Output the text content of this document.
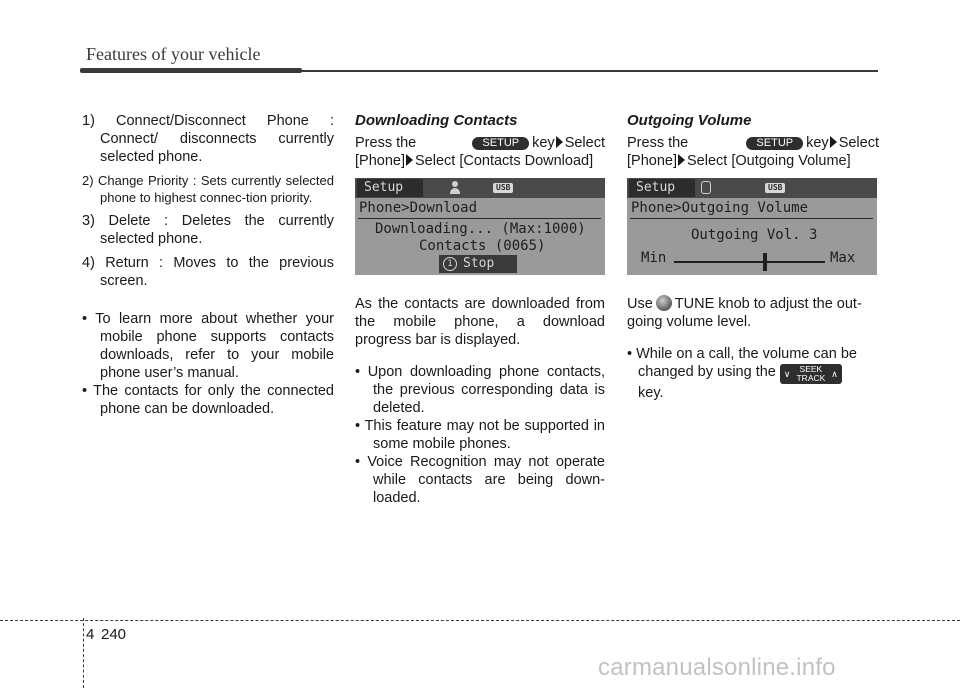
Features of your vehicle
1) Connect/Disconnect Phone : Connect/ disconnects currently selected phone.
2) Change Priority : Sets currently selected phone to highest connec-tion priority.
3) Delete : Deletes the currently selected phone.
4) Return : Moves to the previous screen.
• To learn more about whether your mobile phone supports contacts downloads, refer to your mobile phone user’s manual.
• The contacts for only the connected phone can be downloaded.
Downloading Contacts
Press the	SETUP key Select
[Phone] Select [Contacts Download]
Setup	USB
Phone>Download
Downloading... (Max:1000)
Contacts (0065)
1 Stop
As the contacts are downloaded from the mobile phone, a download progress bar is displayed.
• Upon downloading phone contacts, the previous corresponding data is deleted.
• This feature may not be supported in some mobile phones.
• Voice Recognition may not operate while contacts are being down-loaded.
Outgoing Volume
Press the	SETUP key Select
[Phone] Select [Outgoing Volume]
Setup	USB
Phone>Outgoing Volume
Outgoing Vol. 3
Min	Max
Use TUNE knob to adjust the out-going volume level.
• While on a call, the volume can be
changed by using the ∨ SEEK
TRACK ∧
key.
4 240
carmanualsonline.info
